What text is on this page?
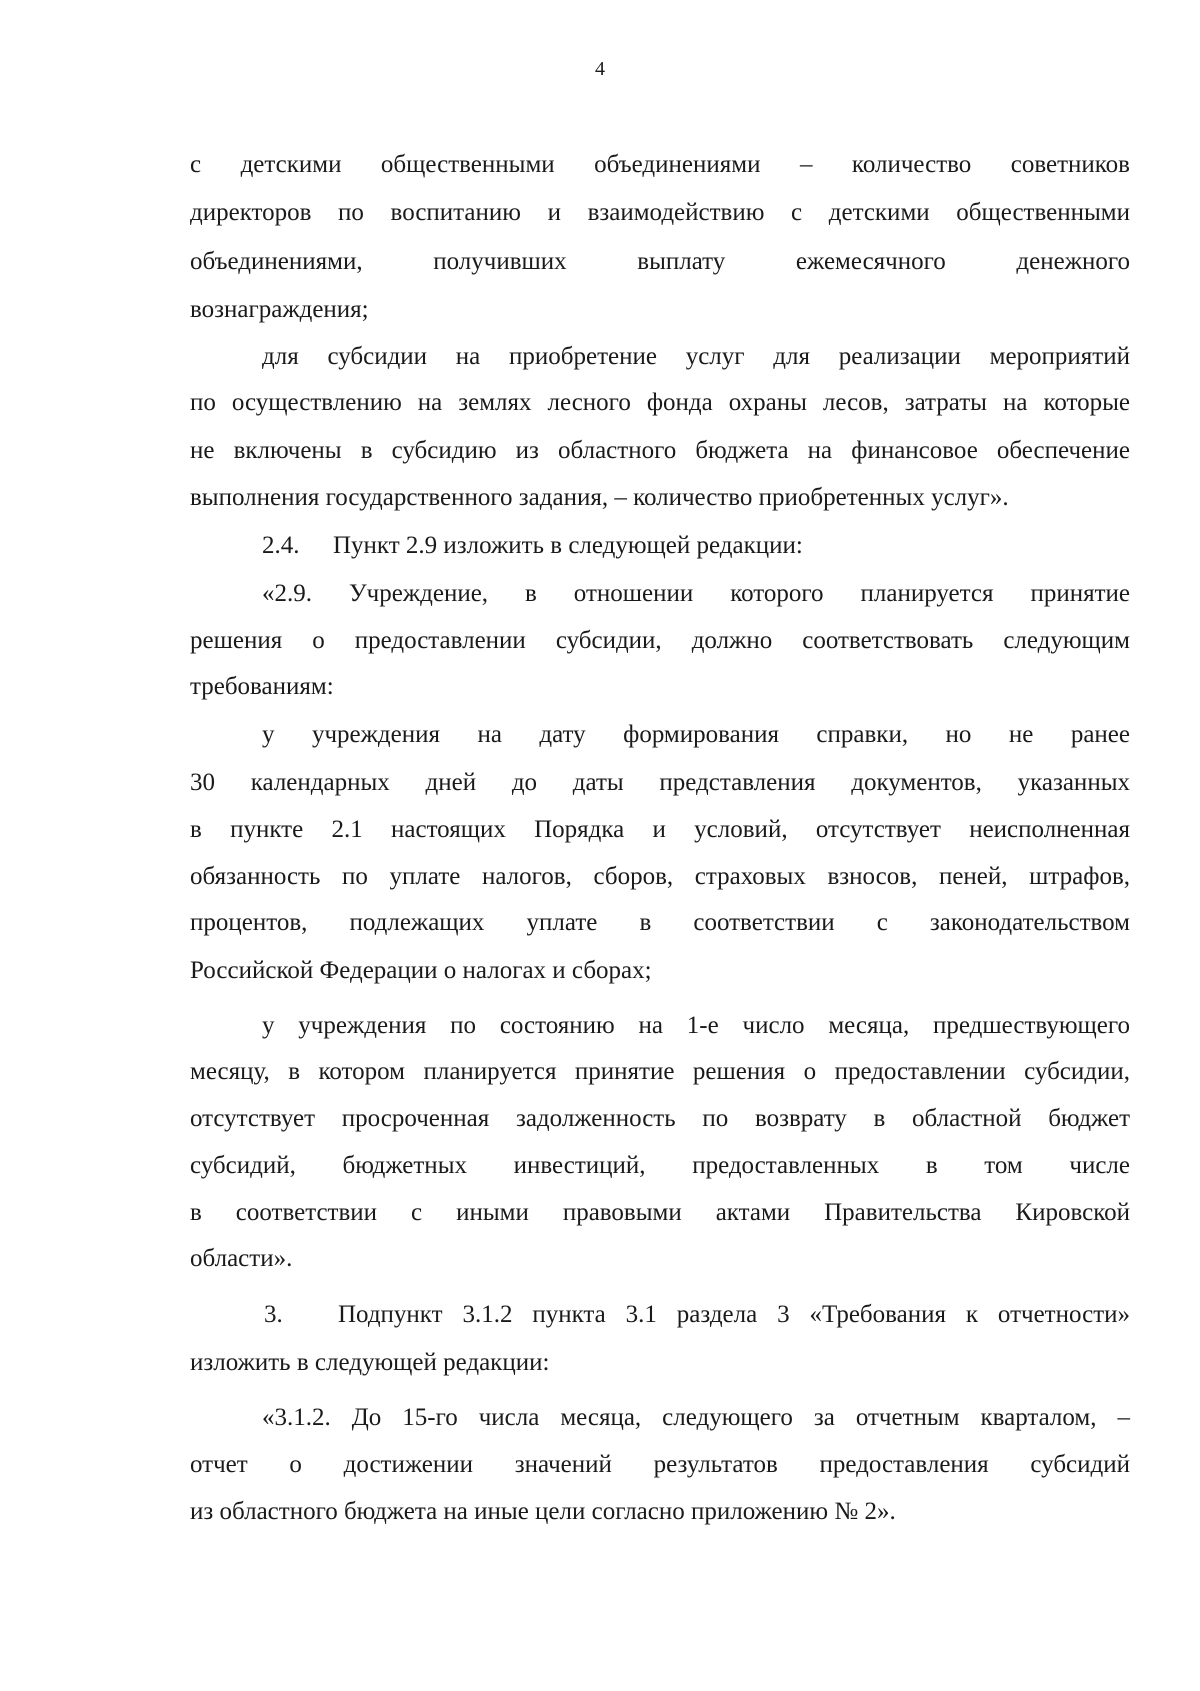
4
с детскими общественными объединениями – количество советников
директоров по воспитанию и взаимодействию с детскими общественными
объединениями, получивших выплату ежемесячного денежного
вознаграждения;
для субсидии на приобретение услуг для реализации мероприятий
по осуществлению на землях лесного фонда охраны лесов, затраты на которые
не включены в субсидию из областного бюджета на финансовое обеспечение
выполнения государственного задания, – количество приобретенных услуг».
2.4. Пункт 2.9 изложить в следующей редакции:
«2.9. Учреждение, в отношении которого планируется принятие
решения о предоставлении субсидии, должно соответствовать следующим
требованиям:
у учреждения на дату формирования справки, но не ранее
30 календарных дней до даты представления документов, указанных
в пункте 2.1 настоящих Порядка и условий, отсутствует неисполненная
обязанность по уплате налогов, сборов, страховых взносов, пеней, штрафов,
процентов, подлежащих уплате в соответствии с законодательством
Российской Федерации о налогах и сборах;
у учреждения по состоянию на 1-е число месяца, предшествующего
месяцу, в котором планируется принятие решения о предоставлении субсидии,
отсутствует просроченная задолженность по возврату в областной бюджет
субсидий, бюджетных инвестиций, предоставленных в том числе
в соответствии с иными правовыми актами Правительства Кировской
области».
3. Подпункт 3.1.2 пункта 3.1 раздела 3 «Требования к отчетности»
изложить в следующей редакции:
«3.1.2. До 15-го числа месяца, следующего за отчетным кварталом, –
отчет о достижении значений результатов предоставления субсидий
из областного бюджета на иные цели согласно приложению № 2».
